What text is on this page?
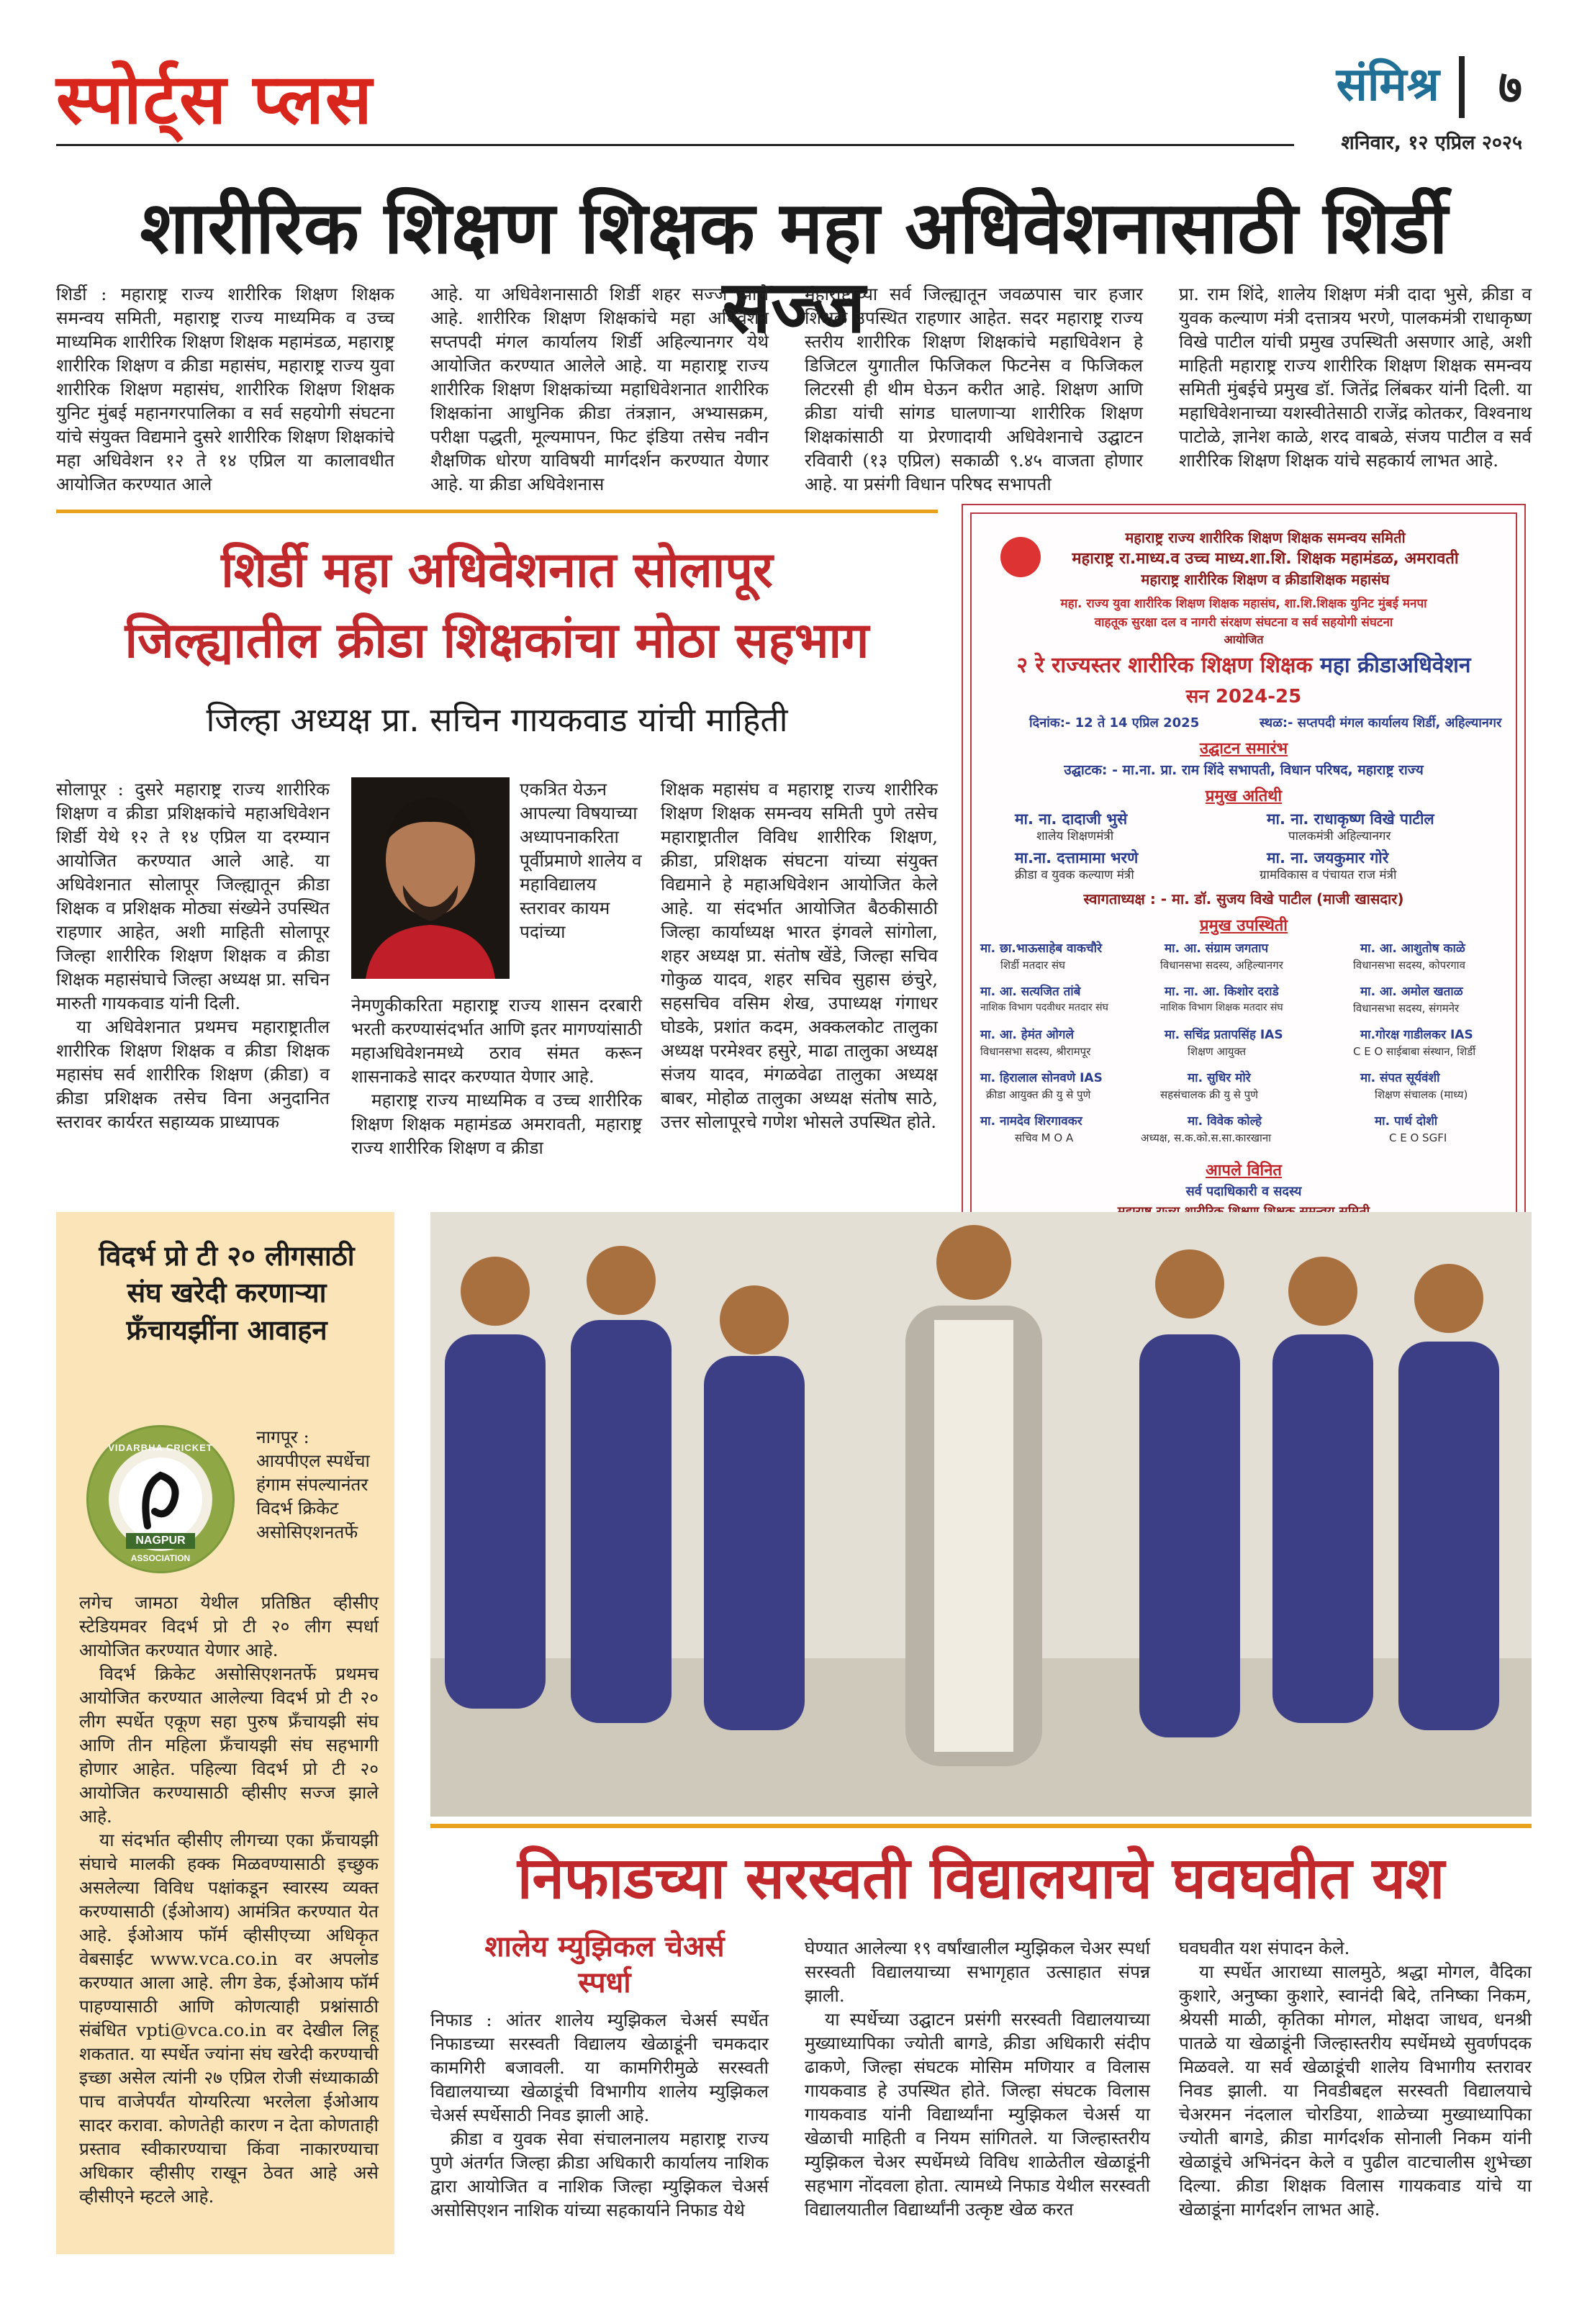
स्पोर्ट्स प्लस	संमिश्र ७
शनिवार, १२ एप्रिल २०२५
शारीरिक शिक्षण शिक्षक महा अधिवेशनासाठी शिर्डी सज्ज
शिर्डी : महाराष्ट्र राज्य शारीरिक शिक्षण शिक्षक समन्वय समिती, महाराष्ट्र राज्य माध्यमिक व उच्च माध्यमिक शारीरिक शिक्षण शिक्षक महामंडळ, महाराष्ट्र शारीरिक शिक्षण व क्रीडा महासंघ, महाराष्ट्र राज्य युवा शारीरिक शिक्षण महासंघ, शारीरिक शिक्षण शिक्षक युनिट मुंबई महानगरपालिका व सर्व सहयोगी संघटना यांचे संयुक्त विद्यमाने दुसरे शारीरिक शिक्षण शिक्षकांचे महा अधिवेशन १२ ते १४ एप्रिल या कालावधीत आयोजित करण्यात आले
आहे. या अधिवेशनासाठी शिर्डी शहर सज्ज झाले आहे. शारीरिक शिक्षण शिक्षकांचे महा अधिवेशन सप्तपदी मंगल कार्यालय शिर्डी अहिल्यानगर येथे आयोजित करण्यात आलेले आहे. या महाराष्ट्र राज्य शारीरिक शिक्षण शिक्षकांच्या महाधिवेशनात शारीरिक शिक्षकांना आधुनिक क्रीडा तंत्रज्ञान, अभ्यासक्रम, परीक्षा पद्धती, मूल्यमापन, फिट इंडिया तसेच नवीन शैक्षणिक धोरण याविषयी मार्गदर्शन करण्यात येणार आहे. या क्रीडा अधिवेशनास
महाराष्ट्राच्या सर्व जिल्ह्यातून जवळपास चार हजार शिक्षक उपस्थित राहणार आहेत. सदर महाराष्ट्र राज्य स्तरीय शारीरिक शिक्षण शिक्षकांचे महाधिवेशन हे डिजिटल युगातील फिजिकल फिटनेस व फिजिकल लिटरसी ही थीम घेऊन करीत आहे. शिक्षण आणि क्रीडा यांची सांगड घालणाऱ्या शारीरिक शिक्षण शिक्षकांसाठी या प्रेरणादायी अधिवेशनाचे उद्घाटन रविवारी (१३ एप्रिल) सकाळी ९.४५ वाजता होणार आहे. या प्रसंगी विधान परिषद सभापती
प्रा. राम शिंदे, शालेय शिक्षण मंत्री दादा भुसे, क्रीडा व युवक कल्याण मंत्री दत्तात्रय भरणे, पालकमंत्री राधाकृष्ण विखे पाटील यांची प्रमुख उपस्थिती असणार आहे, अशी माहिती महाराष्ट्र राज्य शारीरिक शिक्षण शिक्षक समन्वय समिती मुंबईचे प्रमुख डॉ. जितेंद्र लिंबकर यांनी दिली. या महाधिवेशनाच्या यशस्वीतेसाठी राजेंद्र कोतकर, विश्वनाथ पाटोळे, ज्ञानेश काळे, शरद वाबळे, संजय पाटील व सर्व शारीरिक शिक्षण शिक्षक यांचे सहकार्य लाभत आहे.
शिर्डी महा अधिवेशनात सोलापूर
जिल्ह्यातील क्रीडा शिक्षकांचा मोठा सहभाग
जिल्हा अध्यक्ष प्रा. सचिन गायकवाड यांची माहिती

सोलापूर : दुसरे महाराष्ट्र राज्य शारीरिक शिक्षण व क्रीडा प्रशिक्षकांचे महाअधिवेशन शिर्डी येथे १२ ते १४ एप्रिल या दरम्यान आयोजित करण्यात आले आहे. या अधिवेशनात सोलापूर जिल्ह्यातून क्रीडा शिक्षक व प्रशिक्षक मोठ्या संख्येने उपस्थित राहणार आहेत, अशी माहिती सोलापूर जिल्हा शारीरिक शिक्षण शिक्षक व क्रीडा शिक्षक महासंघाचे जिल्हा अध्यक्ष प्रा. सचिन मारुती गायकवाड यांनी दिली.

या अधिवेशनात प्रथमच महाराष्ट्रातील शारीरिक शिक्षण शिक्षक व क्रीडा शिक्षक महासंघ सर्व शारीरिक शिक्षण (क्रीडा) व क्रीडा प्रशिक्षक तसेच विना अनुदानित स्तरावर कार्यरत सहाय्यक प्राध्यापक

एकत्रित येऊन आपल्या विषयाच्या अध्यापनाकरिता पूर्वीप्रमाणे शालेय व महाविद्यालय स्तरावर कायम पदांच्या

नेमणुकीकरिता महाराष्ट्र राज्य शासन दरबारी भरती करण्यासंदर्भात आणि इतर मागण्यांसाठी महाअधिवेशनमध्ये ठराव संमत करून शासनाकडे सादर करण्यात येणार आहे.

महाराष्ट्र राज्य माध्यमिक व उच्च शारीरिक शिक्षण शिक्षक महामंडळ अमरावती, महाराष्ट्र राज्य शारीरिक शिक्षण व क्रीडा

शिक्षक महासंघ व महाराष्ट्र राज्य शारीरिक शिक्षण शिक्षक समन्वय समिती पुणे तसेच महाराष्ट्रातील विविध शारीरिक शिक्षण, क्रीडा, प्रशिक्षक संघटना यांच्या संयुक्त विद्यमाने हे महाअधिवेशन आयोजित केले आहे. या संदर्भात आयोजित बैठकीसाठी जिल्हा कार्याध्यक्ष भारत इंगवले सांगोला, शहर अध्यक्ष प्रा. संतोष खेंडे, जिल्हा सचिव गोकुळ यादव, शहर सचिव सुहास छंचुरे, सहसचिव वसिम शेख, उपाध्यक्ष गंगाधर घोडके, प्रशांत कदम, अक्कलकोट तालुका अध्यक्ष परमेश्वर हसुरे, माढा तालुका अध्यक्ष संजय यादव, मंगळवेढा तालुका अध्यक्ष बाबर, मोहोळ तालुका अध्यक्ष संतोष साठे, उत्तर सोलापूरचे गणेश भोसले उपस्थित होते.
महाराष्ट्र राज्य शारीरिक शिक्षण शिक्षक समन्वय समिती
महाराष्ट्र रा.माध्य.व उच्च माध्य.शा.शि. शिक्षक महामंडळ, अमरावती
महाराष्ट्र शारीरिक शिक्षण व क्रीडाशिक्षक महासंघ
महा. राज्य युवा शारीरिक शिक्षण शिक्षक महासंघ, शा.शि.शिक्षक युनिट मुंबई मनपा
वाहतूक सुरक्षा दल व नागरी संरक्षण संघटना व सर्व सहयोगी संघटना
आयोजित
२ रे राज्यस्तर शारीरिक शिक्षण शिक्षक महा क्रीडाअधिवेशन
सन 2024-25
दिनांक:- 12 ते 14 एप्रिल 2025	स्थळ:- सप्तपदी मंगल कार्यालय शिर्डी, अहिल्यानगर
उद्घाटन समारंभ
उद्घाटक: - मा.ना. प्रा. राम शिंदे सभापती, विधान परिषद, महाराष्ट्र राज्य
प्रमुख अतिथी
मा. ना. दादाजी भुसे
शालेय शिक्षणमंत्री
मा. ना. राधाकृष्ण विखे पाटील
पालकमंत्री अहिल्यानगर
मा.ना. दत्तामामा भरणे
क्रीडा व युवक कल्याण मंत्री
मा. ना. जयकुमार गोरे
ग्रामविकास व पंचायत राज मंत्री
स्वागताध्यक्ष : - मा. डॉ. सुजय विखे पाटील (माजी खासदार)
प्रमुख उपस्थिती
मा. छा.भाऊसाहेब वाकचौरे
शिर्डी मतदार संघ
मा. आ. संग्राम जगताप
विधानसभा सदस्य, अहिल्यानगर
मा. आ. आशुतोष काळे
विधानसभा सदस्य, कोपरगाव
मा. आ. सत्यजित तांबे
नाशिक विभाग पदवीधर मतदार संघ
मा. ना. आ. किशोर दराडे
नाशिक विभाग शिक्षक मतदार संघ
मा. आ. अमोल खताळ
विधानसभा सदस्य, संगमनेर
मा. आ. हेमंत ओगले
विधानसभा सदस्य, श्रीरामपूर
मा. सचिंद्र प्रतापसिंह IAS
शिक्षण आयुक्त
मा.गोरक्ष गाडीलकर IAS
C E O साईबाबा संस्थान, शिर्डी
मा. हिरालाल सोनवणे IAS
क्रीडा आयुक्त क्री यु से पुणे
मा. सुधिर मोरे
सहसंचालक क्री यु से पुणे
मा. संपत सूर्यवंशी
शिक्षण संचालक (माध्य)
मा. नामदेव शिरगावकर
सचिव M O A
मा. विवेक कोल्हे
अध्यक्ष, स.क.को.स.सा.कारखाना
मा. पार्थ दोशी
C E O SGFI
आपले विनित
सर्व पदाधिकारी व सदस्य
विदर्भ प्रो टी २० लीगसाठी संघ खरेदी करणाऱ्या फ्रँचायझींना आवाहन
VIDARBHA CRICKET
NAGPUR
ASSOCIATION
नागपूर : आयपीएल स्पर्धेचा हंगाम संपल्यानंतर विदर्भ क्रिकेट असोसिएशनतर्फे

लगेच जामठा येथील प्रतिष्ठित व्हीसीए स्टेडियमवर विदर्भ प्रो टी २० लीग स्पर्धा आयोजित करण्यात येणार आहे.

विदर्भ क्रिकेट असोसिएशनतर्फे प्रथमच आयोजित करण्यात आलेल्या विदर्भ प्रो टी २० लीग स्पर्धेत एकूण सहा पुरुष फ्रँचायझी संघ आणि तीन महिला फ्रँचायझी संघ सहभागी होणार आहेत. पहिल्या विदर्भ प्रो टी २० आयोजित करण्यासाठी व्हीसीए सज्ज झाले आहे.

या संदर्भात व्हीसीए लीगच्या एका फ्रँचायझी संघाचे मालकी हक्क मिळवण्यासाठी इच्छुक असलेल्या विविध पक्षांकडून स्वारस्य व्यक्त करण्यासाठी (ईओआय) आमंत्रित करण्यात येत आहे. ईओआय फॉर्म व्हीसीएच्या अधिकृत वेबसाईट www.vca.co.in वर अपलोड करण्यात आला आहे. लीग डेक, ईओआय फॉर्म पाहण्यासाठी आणि कोणत्याही प्रश्नांसाठी संबंधित vpti@vca.co.in वर देखील लिहू शकतात. या स्पर्धेत ज्यांना संघ खरेदी करण्याची इच्छा असेल त्यांनी २७ एप्रिल रोजी संध्याकाळी पाच वाजेपर्यंत योग्यरित्या भरलेला ईओआय सादर करावा. कोणतेही कारण न देता कोणताही प्रस्ताव स्वीकारण्याचा किंवा नाकारण्याचा अधिकार व्हीसीए राखून ठेवत आहे असे व्हीसीएने म्हटले आहे.

निफाडच्या सरस्वती विद्यालयाचे घवघवीत यश
शालेय म्युझिकल चेअर्स स्पर्धा

निफाड : आंतर शालेय म्युझिकल चेअर्स स्पर्धेत निफाडच्या सरस्वती विद्यालय खेळाडूंनी चमकदार कामगिरी बजावली. या कामगिरीमुळे सरस्वती विद्यालयाच्या खेळाडूंची विभागीय शालेय म्युझिकल चेअर्स स्पर्धेसाठी निवड झाली आहे.

क्रीडा व युवक सेवा संचालनालय महाराष्ट्र राज्य पुणे अंतर्गत जिल्हा क्रीडा अधिकारी कार्यालय नाशिक द्वारा आयोजित व नाशिक जिल्हा म्युझिकल चेअर्स असोसिएशन नाशिक यांच्या सहकार्याने निफाड येथे

घेण्यात आलेल्या १९ वर्षांखालील म्युझिकल चेअर स्पर्धा सरस्वती विद्यालयाच्या सभागृहात उत्साहात संपन्न झाली.

या स्पर्धेच्या उद्घाटन प्रसंगी सरस्वती विद्यालयाच्या मुख्याध्यापिका ज्योती बागडे, क्रीडा अधिकारी संदीप ढाकणे, जिल्हा संघटक मोसिम मणियार व विलास गायकवाड हे उपस्थित होते. जिल्हा संघटक विलास गायकवाड यांनी विद्यार्थ्यांना म्युझिकल चेअर्स या खेळाची माहिती व नियम सांगितले. या जिल्हास्तरीय म्युझिकल चेअर स्पर्धेमध्ये विविध शाळेतील खेळाडूंनी सहभाग नोंदवला होता. त्यामध्ये निफाड येथील सरस्वती विद्यालयातील विद्यार्थ्यांनी उत्कृष्ट खेळ करत

घवघवीत यश संपादन केले.

या स्पर्धेत आराध्या सालमुठे, श्रद्धा मोगल, वैदिका कुशारे, अनुष्का कुशारे, स्वानंदी बिदे, तनिष्का निकम, श्रेयसी माळी, कृतिका मोगल, मोक्षदा जाधव, धनश्री पातळे या खेळाडूंनी जिल्हास्तरीय स्पर्धेमध्ये सुवर्णपदक मिळवले. या सर्व खेळाडूंची शालेय विभागीय स्तरावर निवड झाली. या निवडीबद्दल सरस्वती विद्यालयाचे चेअरमन नंदलाल चोरडिया, शाळेच्या मुख्याध्यापिका ज्योती बागडे, क्रीडा मार्गदर्शक सोनाली निकम यांनी खेळाडूंचे अभिनंदन केले व पुढील वाटचालीस शुभेच्छा दिल्या. क्रीडा शिक्षक विलास गायकवाड यांचे या खेळाडूंना मार्गदर्शन लाभत आहे.
